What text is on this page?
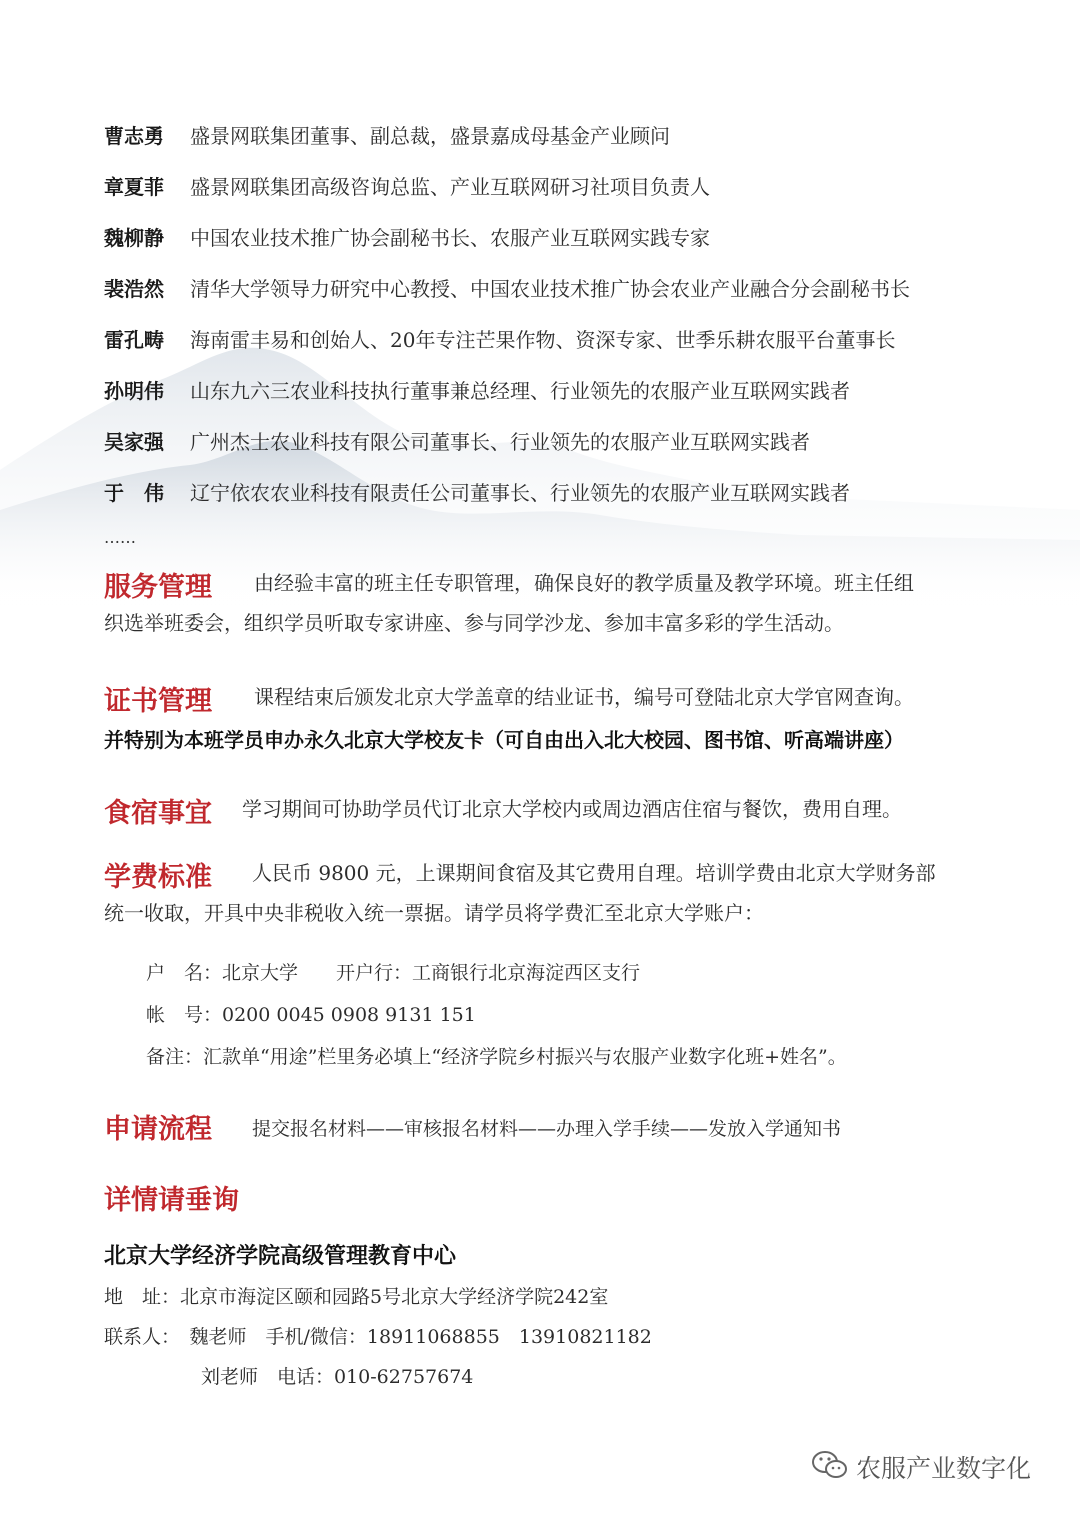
曹志勇 盛景网联集团董事、副总裁，盛景嘉成母基金产业顾问
章夏菲 盛景网联集团高级咨询总监、产业互联网研习社项目负责人
魏柳静 中国农业技术推广协会副秘书长、农服产业互联网实践专家
裴浩然 清华大学领导力研究中心教授、中国农业技术推广协会农业产业融合分会副秘书长
雷孔畴 海南雷丰易和创始人、20年专注芒果作物、资深专家、世季乐耕农服平台董事长
孙明伟 山东九六三农业科技执行董事兼总经理、行业领先的农服产业互联网实践者
吴家强 广州杰士农业科技有限公司董事长、行业领先的农服产业互联网实践者
于　伟 辽宁依农农业科技有限责任公司董事长、行业领先的农服产业互联网实践者
……
服务管理 由经验丰富的班主任专职管理，确保良好的教学质量及教学环境。班主任组
织选举班委会，组织学员听取专家讲座、参与同学沙龙、参加丰富多彩的学生活动。
证书管理 课程结束后颁发北京大学盖章的结业证书，编号可登陆北京大学官网查询。
并特别为本班学员申办永久北京大学校友卡（可自由出入北大校园、图书馆、听高端讲座）
食宿事宜 学习期间可协助学员代订北京大学校内或周边酒店住宿与餐饮，费用自理。
学费标准 人民币 9800 元，上课期间食宿及其它费用自理。培训学费由北京大学财务部
统一收取，开具中央非税收入统一票据。请学员将学费汇至北京大学账户：
户　名：北京大学　　开户行：工商银行北京海淀西区支行
帐　号：0200 0045 0908 9131 151
备注：汇款单“用途”栏里务必填上“经济学院乡村振兴与农服产业数字化班+姓名”。
申请流程 提交报名材料——审核报名材料——办理入学手续——发放入学通知书
详情请垂询
北京大学经济学院高级管理教育中心
地　址：北京市海淀区颐和园路5号北京大学经济学院242室
联系人：　魏老师　手机/微信：18911068855　13910821182
刘老师　电话：010-62757674
农服产业数字化
